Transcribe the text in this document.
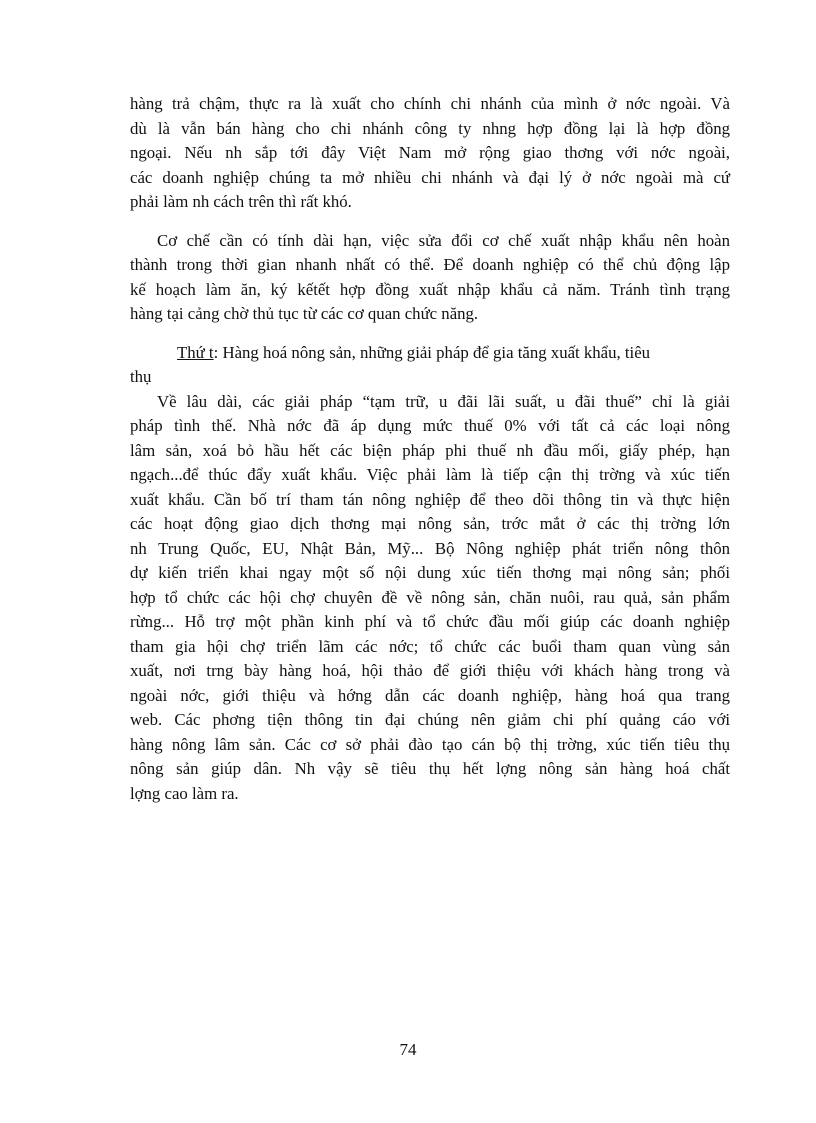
hàng trả chậm, thực ra là xuất cho chính chi nhánh của mình ở nớc ngoài. Và
dù là vẫn bán hàng cho chi nhánh công ty nhng hợp đồng lại là hợp đồng
ngoại. Nếu nh sắp tới đây Việt Nam mở rộng giao thơng với nớc ngoài,
các doanh nghiệp chúng ta mở nhiều chi nhánh và đại lý ở nớc ngoài mà cứ
phải làm nh cách trên thì rất khó.

Cơ chế cần có tính dài hạn, việc sửa đổi cơ chế xuất nhập khẩu nên hoàn
thành trong thời gian nhanh nhất có thể. Để doanh nghiệp có thể chủ động lập
kế hoạch làm ăn, ký kếtết hợp đồng xuất nhập khẩu cả năm. Tránh tình trạng
hàng tại cảng chờ thủ tục từ các cơ quan chức năng.

Thứ t: Hàng hoá nông sản, những giải pháp để gia tăng xuất khẩu, tiêu

thụ

Về lâu dài, các giải pháp “tạm trữ, u đãi lãi suất, u đãi thuế” chỉ là giải
pháp tình thế. Nhà nớc đã áp dụng mức thuế 0% với tất cả các loại nông
lâm sản, xoá bỏ hầu hết các biện pháp phi thuế nh đầu mối, giấy phép, hạn
ngạch...để thúc đẩy xuất khẩu. Việc phải làm là tiếp cận thị trờng và xúc tiến
xuất khẩu. Cần bố trí tham tán nông nghiệp để theo dõi thông tin và thực hiện
các hoạt động giao dịch thơng mại nông sản, trớc mắt ở các thị trờng lớn
nh Trung Quốc, EU, Nhật Bản, Mỹ... Bộ Nông nghiệp phát triển nông thôn
dự kiến triển khai ngay một số nội dung xúc tiến thơng mại nông sản; phối
hợp tổ chức các hội chợ chuyên đề về nông sản, chăn nuôi, rau quả, sản phẩm
rừng... Hỗ trợ một phần kinh phí và tổ chức đầu mối giúp các doanh nghiệp
tham gia hội chợ triển lãm các nớc; tổ chức các buổi tham quan vùng sản
xuất, nơi trng bày hàng hoá, hội thảo để giới thiệu với khách hàng trong và
ngoài nớc, giới thiệu và hớng dẫn các doanh nghiệp, hàng hoá qua trang
web. Các phơng tiện thông tin đại chúng nên giảm chi phí quảng cáo với
hàng nông lâm sản. Các cơ sở phải đào tạo cán bộ thị trờng, xúc tiến tiêu thụ
nông sản giúp dân. Nh vậy sẽ tiêu thụ hết lợng nông sản hàng hoá chất
lợng cao làm ra.

74
